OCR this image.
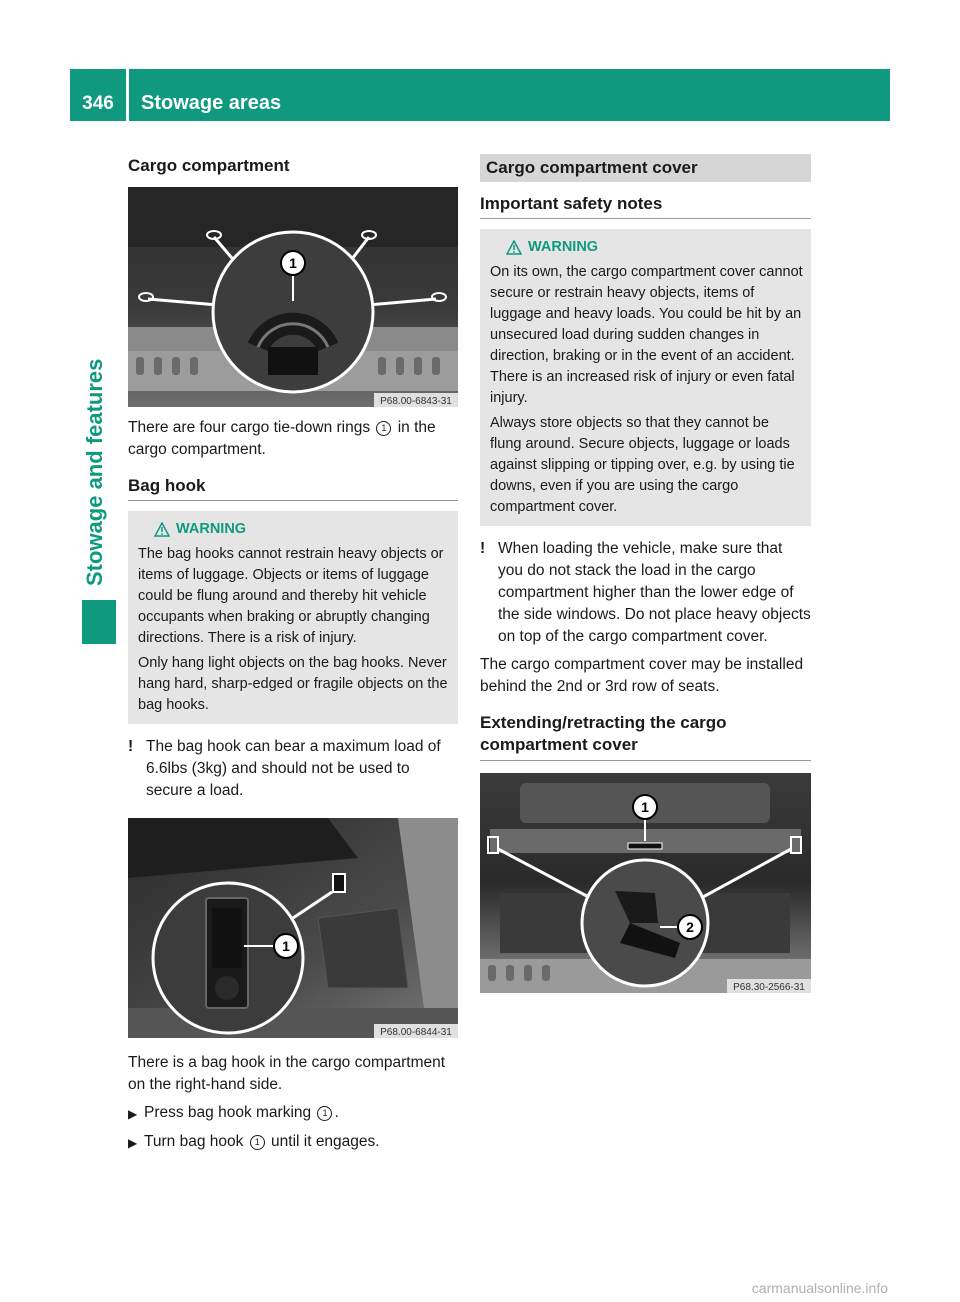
346	Stowage areas
Stowage and features
Cargo compartment
1
P68.00-6843-31

There are four cargo tie-down rings 1 in the cargo compartment.

Bag hook
WARNING

The bag hooks cannot restrain heavy objects or items of luggage. Objects or items of luggage could be flung around and thereby hit vehicle occupants when braking or abruptly changing directions. There is a risk of injury.

Only hang light objects on the bag hooks. Never hang hard, sharp-edged or fragile objects on the bag hooks.

! The bag hook can bear a maximum load of 6.6lbs (3kg) and should not be used to secure a load.
1
P68.00-6844-31

There is a bag hook in the cargo compartment on the right-hand side.

▶ Press bag hook marking 1 .
▶ Turn bag hook 1 until it engages.
Cargo compartment cover
Important safety notes
WARNING

On its own, the cargo compartment cover cannot secure or restrain heavy objects, items of luggage and heavy loads. You could be hit by an unsecured load during sudden changes in direction, braking or in the event of an accident. There is an increased risk of injury or even fatal injury.

Always store objects so that they cannot be flung around. Secure objects, luggage or loads against slipping or tipping over, e.g. by using tie downs, even if you are using the cargo compartment cover.

! When loading the vehicle, make sure that you do not stack the load in the cargo compartment higher than the lower edge of the side windows. Do not place heavy objects on top of the cargo compartment cover.

The cargo compartment cover may be installed behind the 2nd or 3rd row of seats.

Extending/retracting the cargo compartment cover
1
2
P68.30-2566-31
carmanualsonline.info
